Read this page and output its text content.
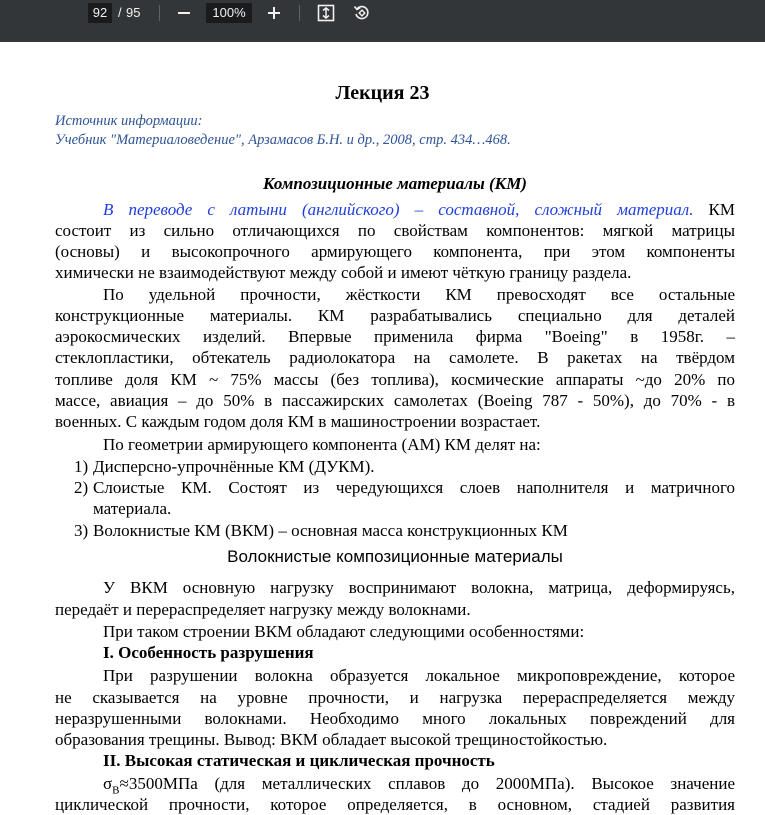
92 / 95	100%
Лекция 23
Источник информации:
Учебник "Материаловедение", Арзамасов Б.Н. и др., 2008, стр. 434…468.
Композиционные материалы (КМ)
В переводе с латыни (английского) – составной, сложный материал. КМ
состоит из сильно отличающихся по свойствам компонентов: мягкой матрицы
(основы) и высокопрочного армирующего компонента, при этом компоненты
химически не взаимодействуют между собой и имеют чёткую границу раздела.
По удельной прочности, жёсткости КМ превосходят все остальные
конструкционные материалы. КМ разрабатывались специально для деталей
аэрокосмических изделий. Впервые применила фирма "Boeing" в 1958г. –
стеклопластики, обтекатель радиолокатора на самолете. В ракетах на твёрдом
топливе доля КМ ~ 75% массы (без топлива), космические аппараты ~до 20% по
массе, авиация – до 50% в пассажирских самолетах (Boeing 787 - 50%), до 70% - в
военных. С каждым годом доля КМ в машиностроении возрастает.
По геометрии армирующего компонента (АМ) КМ делят на:
1) Дисперсно-упрочнённые КМ (ДУКМ).
2) Слоистые КМ. Состоят из чередующихся слоев наполнителя и матричного
материала.
3) Волокнистые КМ (ВКМ) – основная масса конструкционных КМ
Волокнистые композиционные материалы
У ВКМ основную нагрузку воспринимают волокна, матрица, деформируясь,
передаёт и перераспределяет нагрузку между волокнами.
При таком строении ВКМ обладают следующими особенностями:
I. Особенность разрушения
При разрушении волокна образуется локальное микроповреждение, которое
не сказывается на уровне прочности, и нагрузка перераспределяется между
неразрушенными волокнами. Необходимо много локальных повреждений для
образования трещины. Вывод: ВКМ обладает высокой трещиностойкостью.
II. Высокая статическая и циклическая прочность
$\sigma_В\approx 3500МПа$ (для металлических сплавов до 2000МПа). Высокое значение
циклической прочности, которое определяется, в основном, стадией развития
